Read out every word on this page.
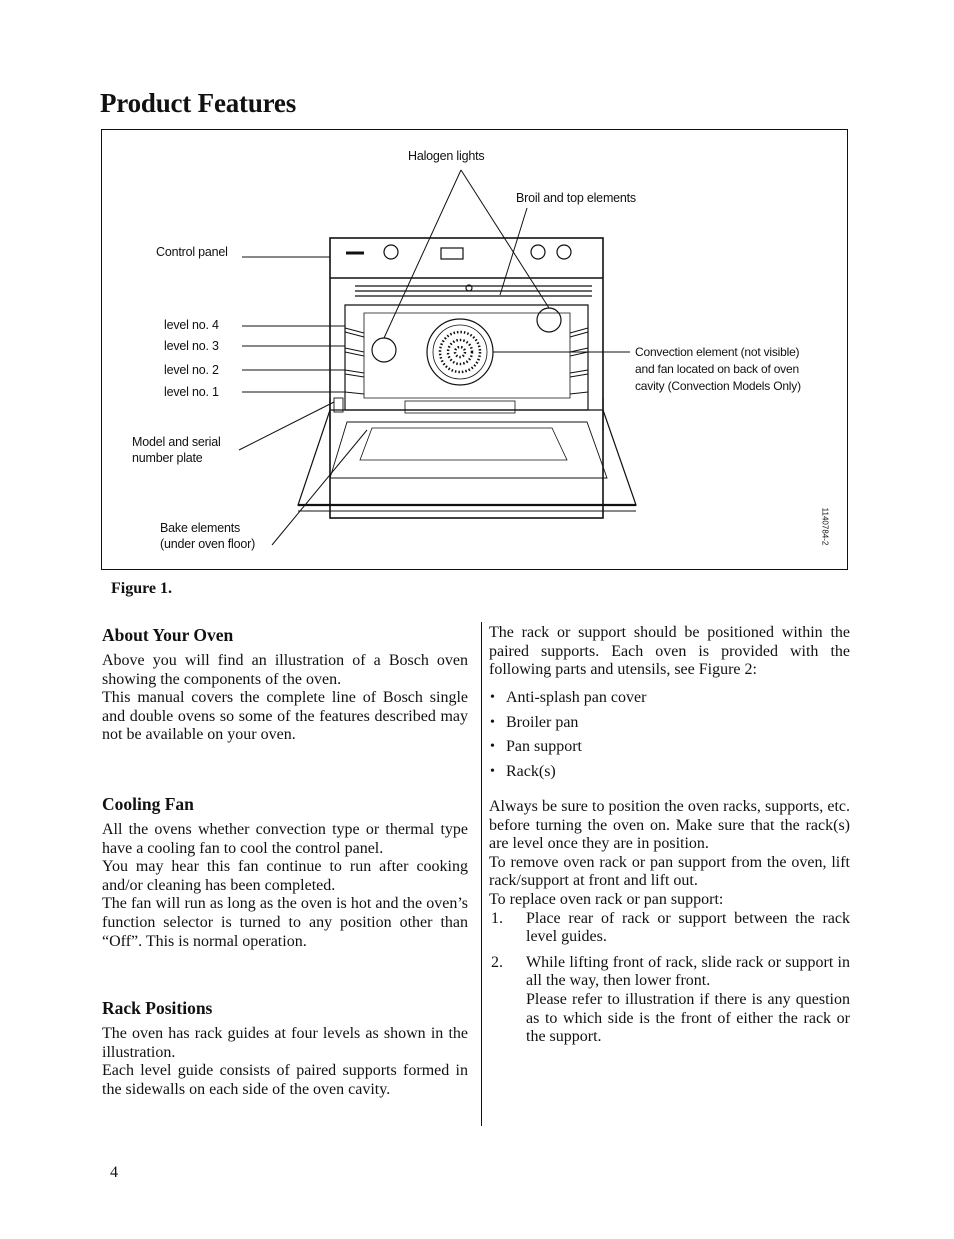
Product Features
Halogen lights
Broil and top elements
Control panel
level no. 4
level no. 3
level no. 2
level no. 1
Model and serial
number plate
Bake elements
(under oven floor)
Convection element (not visible)
and fan located on back of oven
cavity (Convection Models Only)
1140784-2

Figure 1.

About Your Oven

Above you will find an illustration of a Bosch oven showing the components of the oven.

This manual covers the complete line of Bosch single and double ovens so some of the features described may not be available on your oven.

Cooling Fan

All the ovens whether convection type or thermal type have a cooling fan to cool the control panel.

You may hear this fan continue to run after cooking and/or cleaning has been completed.

The fan will run as long as the oven is hot and the oven’s function selector is turned to any position other than “Off”. This is normal operation.

Rack Positions

The oven has rack guides at four levels as shown in the illustration.

Each level guide consists of paired supports formed in the sidewalls on each side of the oven cavity.

The rack or support should be positioned within the paired supports. Each oven is provided with the following parts and utensils, see Figure 2:

• Anti-splash pan cover
• Broiler pan
• Pan support
• Rack(s)

Always be sure to position the oven racks, supports, etc. before turning the oven on. Make sure that the rack(s) are level once they are in position.

To remove oven rack or pan support from the oven, lift rack/support at front and lift out.

To replace oven rack or pan support:

1. Place rear of rack or support between the rack level guides.
2. While lifting front of rack, slide rack or support in all the way, then lower front.
Please refer to illustration if there is any question as to which side is the front of either the rack or the support.
4
